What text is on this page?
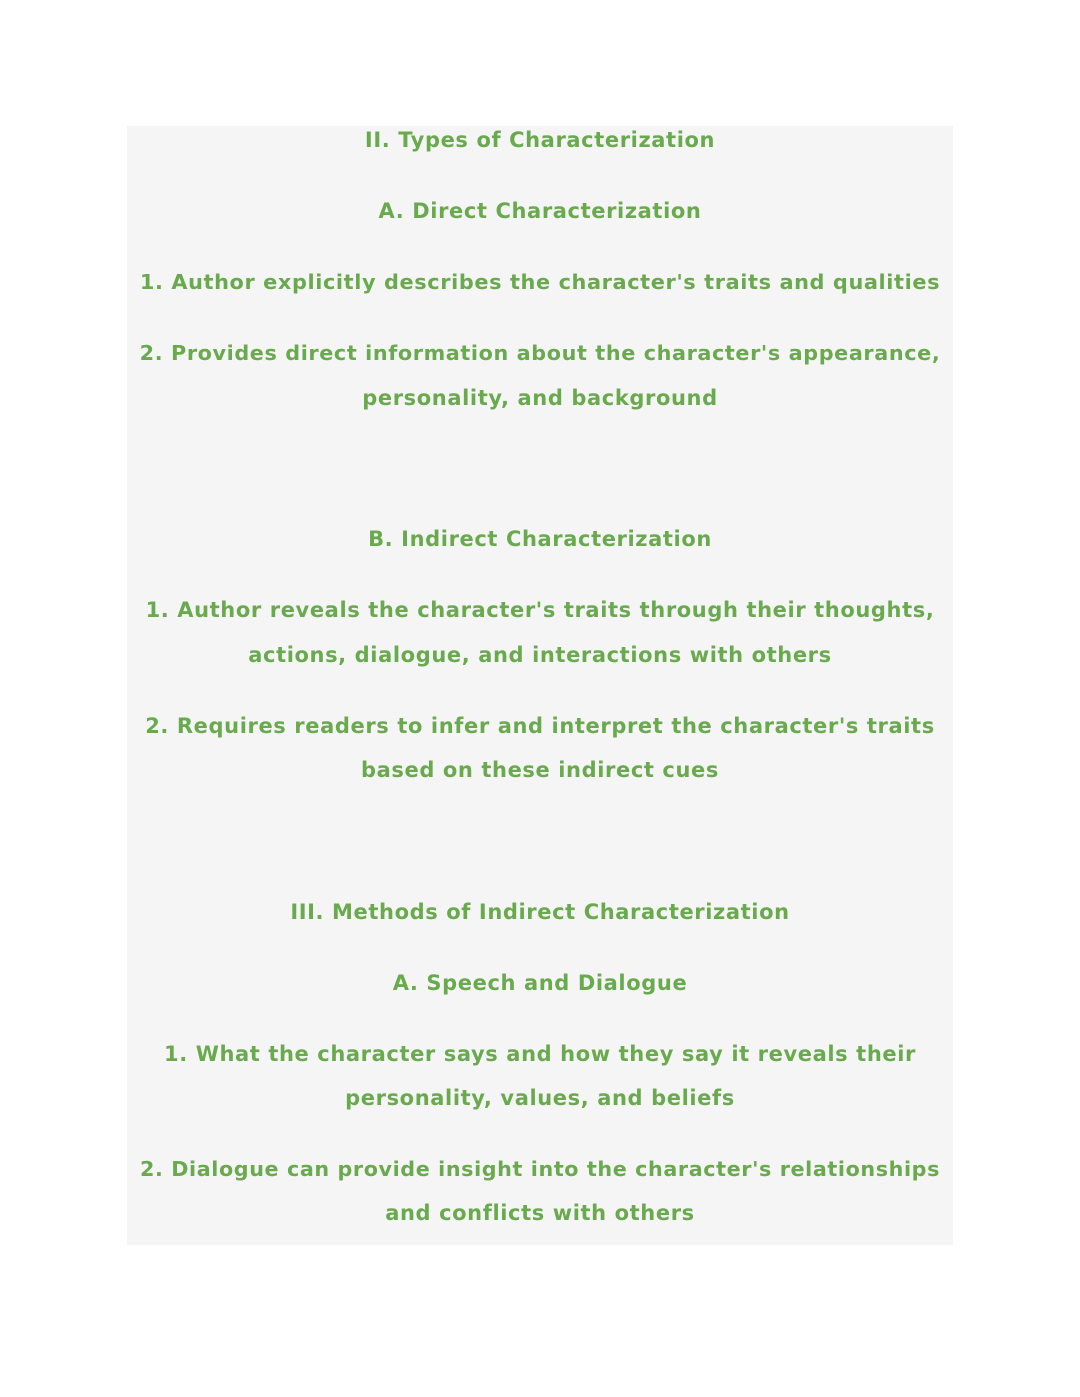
II. Types of Characterization
A. Direct Characterization
1. Author explicitly describes the character's traits and qualities
2. Provides direct information about the character's appearance,
personality, and background
B. Indirect Characterization
1. Author reveals the character's traits through their thoughts,
actions, dialogue, and interactions with others
2. Requires readers to infer and interpret the character's traits
based on these indirect cues
III. Methods of Indirect Characterization
A. Speech and Dialogue
1. What the character says and how they say it reveals their
personality, values, and beliefs
2. Dialogue can provide insight into the character's relationships
and conflicts with others
